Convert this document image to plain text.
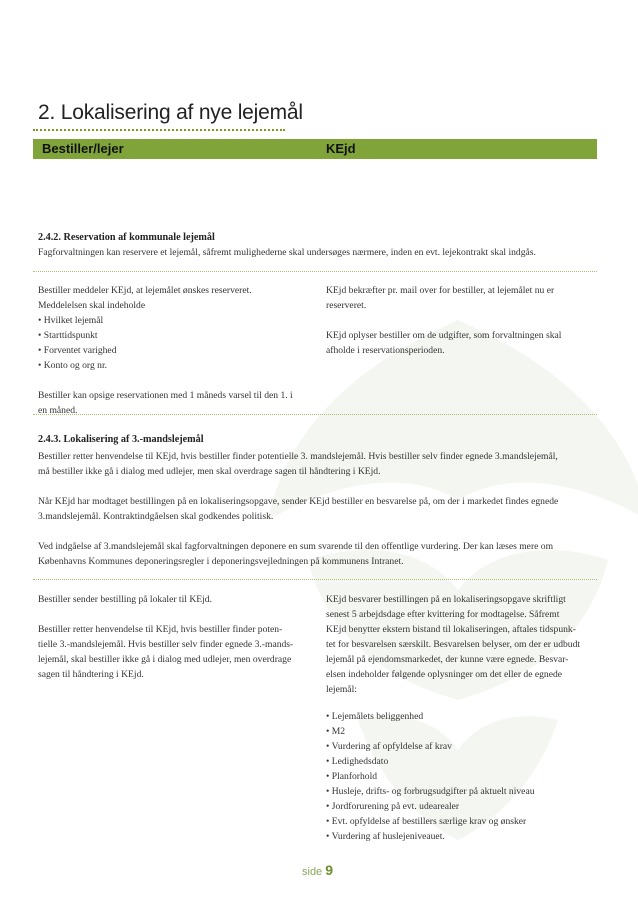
2. Lokalisering af nye lejemål
Bestiller/lejer	KEjd
2.4.2. Reservation af kommunale lejemål
Fagforvaltningen kan reservere et lejemål, såfremt mulighederne skal undersøges nærmere, inden en evt. lejekontrakt skal indgås.
Bestiller meddeler KEjd, at lejemålet ønskes reserveret.
Meddelelsen skal indeholde
• Hvilket lejemål
• Starttidspunkt
• Forventet varighed
• Konto og org nr.
Bestiller kan opsige reservationen med 1 måneds varsel til den 1. i
en måned.
KEjd bekræfter pr. mail over for bestiller, at lejemålet nu er
reserveret.
KEjd oplyser bestiller om de udgifter, som forvaltningen skal
afholde i reservationsperioden.
2.4.3. Lokalisering af 3.-mandslejemål
Bestiller retter henvendelse til KEjd, hvis bestiller finder potentielle 3. mandslejemål. Hvis bestiller selv finder egnede 3.mandslejemål,
må bestiller ikke gå i dialog med udlejer, men skal overdrage sagen til håndtering i KEjd.
Når KEjd har modtaget bestillingen på en lokaliseringsopgave, sender KEjd bestiller en besvarelse på, om der i markedet findes egnede
3.mandslejemål. Kontraktindgåelsen skal godkendes politisk.
Ved indgåelse af 3.mandslejemål skal fagforvaltningen deponere en sum svarende til den offentlige vurdering. Der kan læses mere om
Københavns Kommunes deponeringsregler i deponeringsvejledningen på kommunens Intranet.
Bestiller sender bestilling på lokaler til KEjd.
Bestiller retter henvendelse til KEjd, hvis bestiller finder poten-
tielle 3.-mandslejemål. Hvis bestiller selv finder egnede 3.-mands-
lejemål, skal bestiller ikke gå i dialog med udlejer, men overdrage
sagen til håndtering i KEjd.
KEjd besvarer bestillingen på en lokaliseringsopgave skriftligt
senest 5 arbejdsdage efter kvittering for modtagelse. Såfremt
KEjd benytter ekstern bistand til lokaliseringen, aftales tidspunk-
tet for besvarelsen særskilt. Besvarelsen belyser, om der er udbudt
lejemål på ejendomsmarkedet, der kunne være egnede. Besvar-
elsen indeholder følgende oplysninger om det eller de egnede
lejemål:
• Lejemålets beliggenhed
• M2
• Vurdering af opfyldelse af krav
• Ledighedsdato
• Planforhold
• Husleje, drifts- og forbrugsudgifter på aktuelt niveau
• Jordforurening på evt. udearealer
• Evt. opfyldelse af bestillers særlige krav og ønsker
• Vurdering af huslejeniveauet.
side 9
